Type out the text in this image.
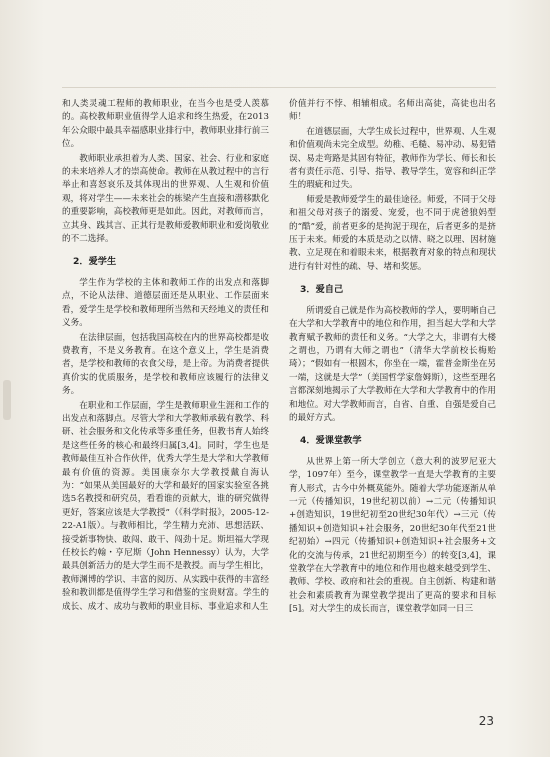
和人类灵魂工程师的教师职业，在当今也是受人羡慕的。高校教师职业值得学人追求和终生热爱，在2013年公众眼中最具幸福感职业排行中，教师职业排行前三位。

教师职业承担着为人类、国家、社会、行业和家庭的未来培养人才的崇高使命。教师在从教过程中的言行举止和喜怒哀乐及其体现出的世界观、人生观和价值观，将对学生——未来社会的栋梁产生直接和潜移默化的重要影响，高校教师更是如此。因此，对教师而言，立其身、践其言、正其行是教师爱教师职业和爱岗敬业的不二选择。

2．爱学生

学生作为学校的主体和教师工作的出发点和落脚点，不论从法律、道德层面还是从职业、工作层面来看，爱学生是学校和教师理所当然和天经地义的责任和义务。

在法律层面，包括我国高校在内的世界高校都是收费教育，不是义务教育。在这个意义上，学生是消费者，是学校和教师的衣食父母，是上帝。为消费者提供真价实的优质服务，是学校和教师应该履行的法律义务。

在职业和工作层面，学生是教师职业生涯和工作的出发点和落脚点。尽管大学和大学教师承载有教学、科研、社会服务和文化传承等多重任务，但教书育人始终是这些任务的核心和最终归属[3,4]。同时，学生也是教师最佳互补合作伙伴，优秀大学生是大学和大学教师最有价值的资源。美国康奈尔大学教授戴自海认为：“如果从美国最好的大学和最好的国家实验室各挑选5名教授和研究员，看看谁的贡献大，谁的研究做得更好，答案应该是大学教授”（《科学时报》，2005-12-22-A1版）。与教师相比，学生精力充沛、思想活跃、接受新事物快、敢闯、敢干、闯劲十足。斯坦福大学现任校长约翰・亨尼斯（John Hennessy）认为，大学最具创新活力的是大学生而不是教授。而与学生相比，教师渊博的学识、丰富的阅历、从实践中获得的丰富经验和教训都是值得学生学习和借鉴的宝贵财富。学生的成长、成才、成功与教师的职业目标、事业追求和人生

价值并行不悖、相辅相成。名师出高徒，高徒也出名师！

在道德层面，大学生成长过程中，世界观、人生观和价值观尚未完全成型。幼稚、毛糙、易冲动、易犯错误、易走弯路是其固有特征，教师作为学长、师长和长者有责任示范、引导、指导、教导学生，宽容和纠正学生的瑕疵和过失。

师爱是教师爱学生的最佳途径。师爱，不同于父母和祖父母对孩子的溺爱、宠爱，也不同于虎爸狼妈型的“酷”爱，前者更多的是拘泥于现在，后者更多的是挤压于未来。师爱的本质是动之以情、晓之以理、因材施教、立足现在和着眼未来，根据教育对象的特点和现状进行有针对性的疏、导、堵和奖惩。

3．爱自己

所谓爱自己就是作为高校教师的学人，要明晰自己在大学和大学教育中的地位和作用，担当起大学和大学教育赋予教师的责任和义务。“大学之大，非谓有大楼之谓也，乃谓有大师之谓也”（清华大学前校长梅贻琦）；“假如有一根圆木，你坐在一端，霍普金斯坐在另一端，这就是大学”（美国哲学家詹姆斯），这些至理名言都深刻地揭示了大学教师在大学和大学教育中的作用和地位。对大学教师而言，自省、自重、自强是爱自己的最好方式。

4．爱课堂教学

从世界上第一所大学创立（意大利的波罗尼亚大学，1097年）至今，课堂教学一直是大学教育的主要育人形式，古今中外概莫能外。随着大学功能逐渐从单一元（传播知识，19世纪初以前）→二元（传播知识+创造知识，19世纪初至20世纪30年代）→三元（传播知识+创造知识+社会服务，20世纪30年代至21世纪初始）→四元（传播知识+创造知识+社会服务+文化的交流与传承，21世纪初期至今）的转变[3,4]，课堂教学在大学教育中的地位和作用也越来越受到学生、教师、学校、政府和社会的重视。自主创新、构建和谐社会和素质教育为课堂教学提出了更高的要求和目标[5]。对大学生的成长而言，课堂教学如同一日三

23
